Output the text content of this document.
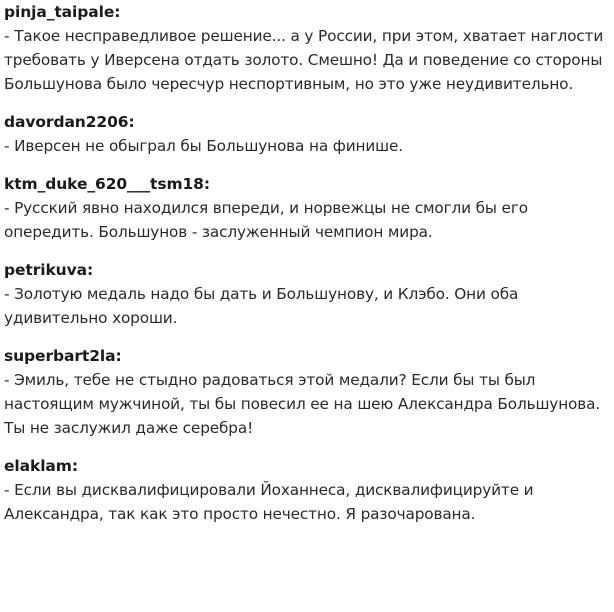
pinja_taipale:

- Такое несправедливое решение... а у России, при этом, хватает наглости требовать у Иверсена отдать золото. Смешно! Да и поведение со стороны Большунова было чересчур неспортивным, но это уже неудивительно.

davordan2206:

- Иверсен не обыграл бы Большунова на финише.

ktm_duke_620___tsm18:

- Русский явно находился впереди, и норвежцы не смогли бы его опередить. Большунов - заслуженный чемпион мира.

petrikuva:

- Золотую медаль надо бы дать и Большунову, и Клэбо. Они оба удивительно хороши.

superbart2la:

- Эмиль, тебе не стыдно радоваться этой медали? Если бы ты был настоящим мужчиной, ты бы повесил ее на шею Александра Большунова. Ты не заслужил даже серебра!

elaklam:

- Если вы дисквалифицировали Йоханнеса, дисквалифицируйте и Александра, так как это просто нечестно. Я разочарована.
